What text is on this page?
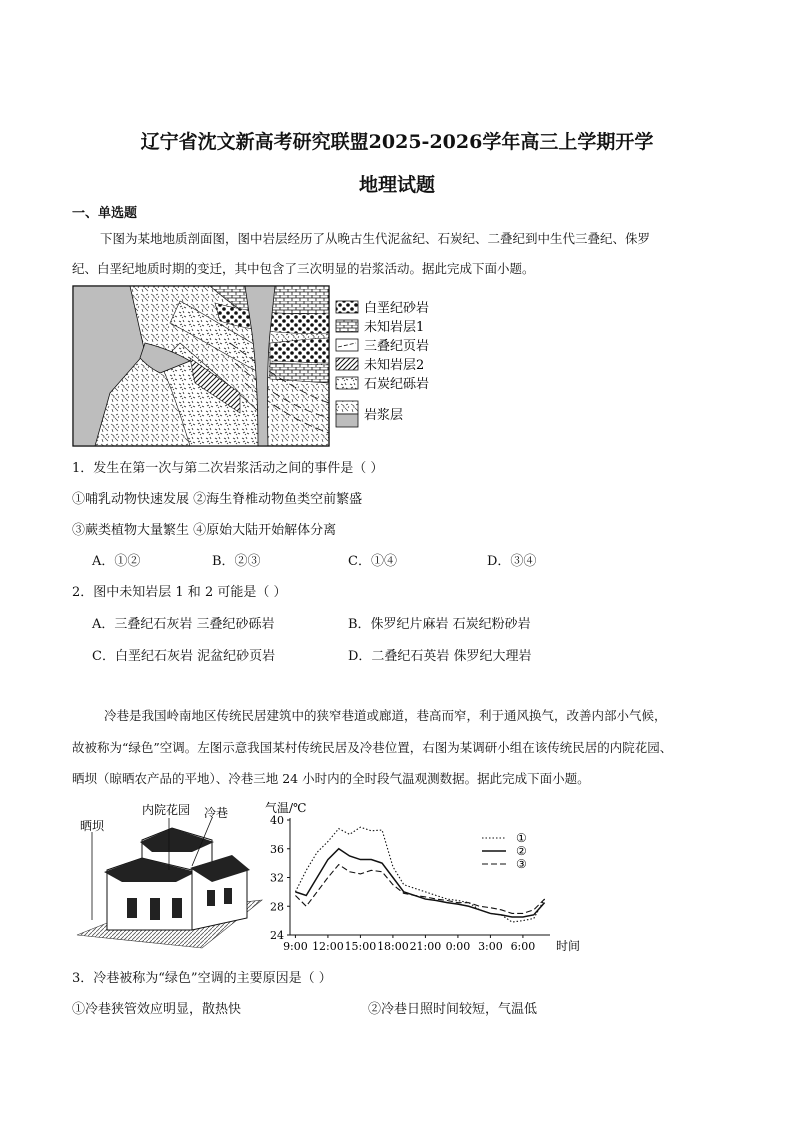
辽宁省沈文新高考研究联盟2025-2026学年高三上学期开学
地理试题
一、单选题
下图为某地地质剖面图，图中岩层经历了从晚古生代泥盆纪、石炭纪、二叠纪到中生代三叠纪、侏罗
纪、白垩纪地质时期的变迁，其中包含了三次明显的岩浆活动。据此完成下面小题。
白垩纪砂岩
未知岩层1
三叠纪页岩
未知岩层2
石炭纪砾岩
岩浆层
1．发生在第一次与第二次岩浆活动之间的事件是（ ）
①哺乳动物快速发展 ②海生脊椎动物鱼类空前繁盛
③蕨类植物大量繁生 ④原始大陆开始解体分离
A．①②	B．②③	C．①④	D．③④
2．图中未知岩层 1 和 2 可能是（ ）
A．三叠纪石灰岩 三叠纪砂砾岩	B．侏罗纪片麻岩 石炭纪粉砂岩
C．白垩纪石灰岩 泥盆纪砂页岩	D．二叠纪石英岩 侏罗纪大理岩
冷巷是我国岭南地区传统民居建筑中的狭窄巷道或廊道，巷高而窄，利于通风换气，改善内部小气候，
故被称为“绿色”空调。左图示意我国某村传统民居及冷巷位置，右图为某调研小组在该传统民居的内院花园、
晒坝（晾晒农产品的平地）、冷巷三地 24 小时内的全时段气温观测数据。据此完成下面小题。
晒坝
内院花园 冷巷	气温/℃
24
28
32
36
40
9:00 12:00 15:00 18:00 21:00 0:00 3:00 6:00
①
②
③
时间
3．冷巷被称为“绿色”空调的主要原因是（ ）
①冷巷狭管效应明显，散热快	②冷巷日照时间较短，气温低
